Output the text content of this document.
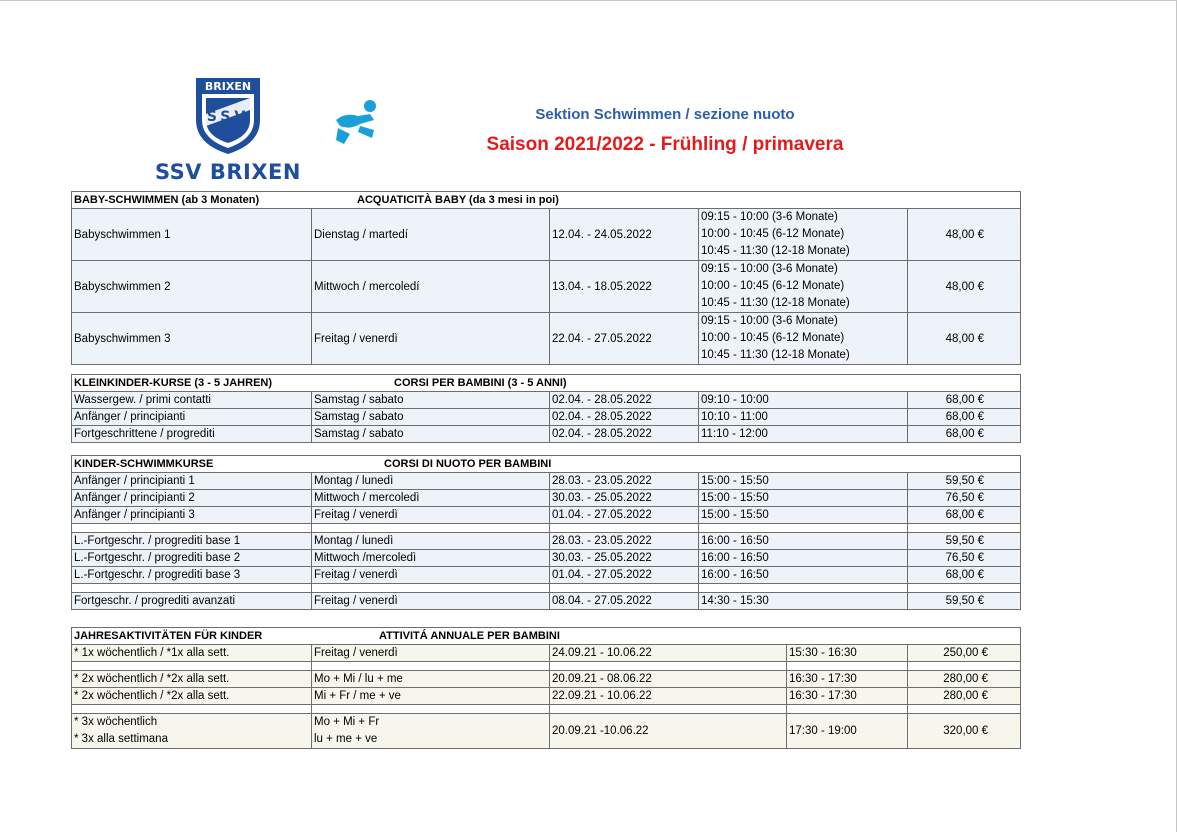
BRIXEN
SSV
SSV BRIXEN
Sektion Schwimmen / sezione nuoto
Saison 2021/2022 - Frühling / primavera
BABY-SCHWIMMEN (ab 3 Monaten) ACQUATICITÀ BABY (da 3 mesi in poi)				

Babyschwimmen 1	Dienstag / martedí	12.04. - 24.05.2022	09:15 - 10:00 (3-6 Monate)
10:00 - 10:45 (6-12 Monate)
10:45 - 11:30 (12-18 Monate)	48,00 €
Babyschwimmen 2	Mittwoch / mercoledí	13.04. - 18.05.2022	09:15 - 10:00 (3-6 Monate)
10:00 - 10:45 (6-12 Monate)
10:45 - 11:30 (12-18 Monate)	48,00 €
Babyschwimmen 3	Freitag / venerdì	22.04. - 27.05.2022	09:15 - 10:00 (3-6 Monate)
10:00 - 10:45 (6-12 Monate)
10:45 - 11:30 (12-18 Monate)	48,00 €
KLEINKINDER-KURSE (3 - 5 JAHREN) CORSI PER BAMBINI (3 - 5 ANNI)				

Wassergew. / primi contatti	Samstag / sabato	02.04. - 28.05.2022	09:10 - 10:00	68,00 €
Anfänger / principianti	Samstag / sabato	02.04. - 28.05.2022	10:10 - 11:00	68,00 €
Fortgeschrittene / progrediti	Samstag / sabato	02.04. - 28.05.2022	11:10 - 12:00	68,00 €
KINDER-SCHWIMMKURSE CORSI DI NUOTO PER BAMBINI				

Anfänger / principianti 1	Montag / lunedì	28.03. - 23.05.2022	15:00 - 15:50	59,50 €
Anfänger / principianti 2	Mittwoch / mercoledì	30.03. - 25.05.2022	15:00 - 15:50	76,50 €
Anfänger / principianti 3	Freitag / venerdì	01.04. - 27.05.2022	15:00 - 15:50	68,00 €

L.-Fortgeschr. / progrediti base 1	Montag / lunedì	28.03. - 23.05.2022	16:00 - 16:50	59,50 €
L.-Fortgeschr. / progrediti base 2	Mittwoch /mercoledì	30.03. - 25.05.2022	16:00 - 16:50	76,50 €
L.-Fortgeschr. / progrediti base 3	Freitag / venerdì	01.04. - 27.05.2022	16:00 - 16:50	68,00 €

Fortgeschr. / progrediti avanzati	Freitag / venerdì	08.04. - 27.05.2022	14:30 - 15:30	59,50 €
JAHRESAKTIVITÄTEN FÜR KINDER ATTIVITÁ ANNUALE PER BAMBINI				

* 1x wöchentlich / *1x alla sett.	Freitag / venerdì	24.09.21 - 10.06.22	15:30 - 16:30	250,00 €

* 2x wöchentlich / *2x alla sett.	Mo + Mi / lu + me	20.09.21 - 08.06.22	16:30 - 17:30	280,00 €
* 2x wöchentlich / *2x alla sett.	Mi + Fr / me + ve	22.09.21 - 10.06.22	16:30 - 17:30	280,00 €

* 3x wöchentlich
* 3x alla settimana	Mo + Mi + Fr
lu + me + ve	20.09.21 -10.06.22	17:30 - 19:00	320,00 €
